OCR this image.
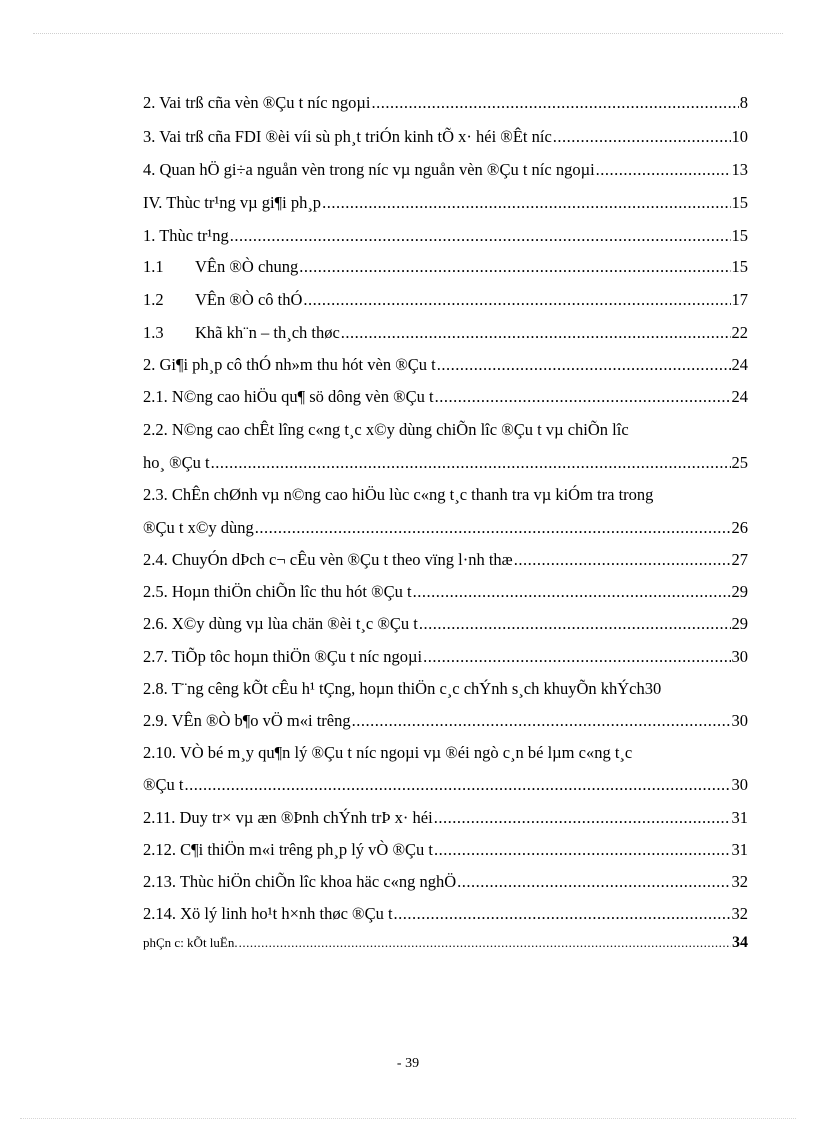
2. Vai trß cña vèn ®Çu t níc ngoµi .....	8
3. Vai trß cña FDI ®èi víi sù ph¸t triÓn kinh tÕ x· héi ®Êt níc .....	10
4. Quan hÖ gi÷a nguån vèn trong níc vµ nguån vèn ®Çu t níc ngoµi .....	13
IV. Thùc tr¹ng vµ gi¶i ph¸p .....	15
1. Thùc tr¹ng .....	15
1.1 VÊn ®Ò chung .....	15
1.2 VÊn ®Ò cô thÓ .....	17
1.3 Khã kh¨n – th¸ch thøc .....	22
2. Gi¶i ph¸p cô thÓ nh»m thu hót vèn ®Çu t .....	24
2.1. N©ng cao hiÖu qu¶ sö dông vèn ®Çu t .....	24
2.2. N©ng cao chÊt lîng c«ng t¸c x©y dùng chiÕn lîc ®Çu t vµ chiÕn lîc
ho¸ ®Çu t .....	25
2.3. ChÊn chØnh vµ n©ng cao hiÖu lùc c«ng t¸c thanh tra vµ kiÓm tra trong
®Çu t x©y dùng .....	26
2.4. ChuyÓn dÞch c¬ cÊu vèn ®Çu t theo vïng l·nh thæ .....	27
2.5. Hoµn thiÖn chiÕn lîc thu hót ®Çu t .....	29
2.6. X©y dùng vµ lùa chän ®èi t¸c ®Çu t .....	29
2.7. TiÕp tôc hoµn thiÖn ®Çu t níc ngoµi .....	30
2.8. T¨ng cêng kÕt cÊu h¹ tÇng, hoµn thiÖn c¸c chÝnh s¸ch khuyÕn khÝch 30
2.9. VÊn ®Ò b¶o vÖ m«i trêng .....	30
2.10. VÒ bé m¸y qu¶n lý ®Çu t níc ngoµi vµ ®éi ngò c¸n bé lµm c«ng t¸c
®Çu t .....	30
2.11. Duy tr× vµ æn ®Þnh chÝnh trÞ x· héi .....	31
2.12. C¶i thiÖn m«i trêng ph¸p lý vÒ ®Çu t .....	31
2.13. Thùc hiÖn chiÕn lîc khoa häc c«ng nghÖ .....	32
2.14. Xö lý linh ho¹t h×nh thøc ®Çu t .....	32
phÇn c: kÕt luËn. .....	34
- 39
